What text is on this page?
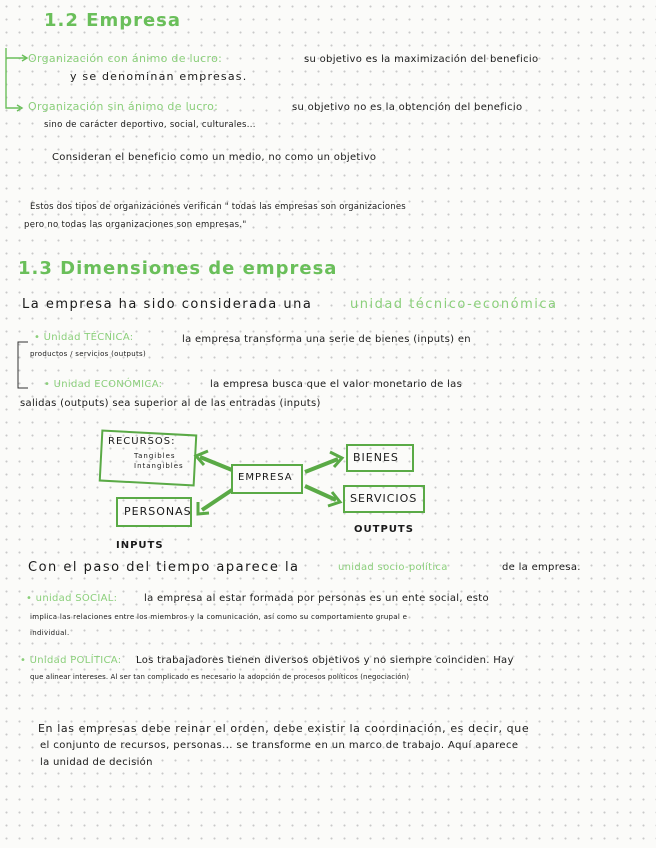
1.2 Empresa
Organización con ánimo de lucro:	su objetivo es la maximización del beneficio
y se denominan empresas.
Organización sin ánimo de lucro:	su objetivo no es la obtención del beneficio
sino de carácter deportivo, social, culturales...
Consideran el beneficio como un medio, no como un objetivo
Estos dos tipos de organizaciones verifican " todas las empresas son organizaciones
pero no todas las organizaciones son empresas."
1.3 Dimensiones de empresa
La empresa ha sido considerada una	unidad técnico-económica
• Unidad TÉCNICA:	la empresa transforma una serie de bienes (inputs) en
productos / servicios (outputs)
• Unidad ECONÓMICA:	la empresa busca que el valor monetario de las
salidas (outputs) sea superior al de las entradas (inputs)
RECURSOS:
Tangibles
Intangibles
PERSONAS
EMPRESA
BIENES
SERVICIOS
INPUTS
OUTPUTS
Con el paso del tiempo aparece la	unidad socio-política	de la empresa.
• unidad SOCIAL:	la empresa al estar formada por personas es un ente social, esto
implica las relaciones entre los miembros y la comunicación, así como su comportamiento grupal e
individual.
• Unidad POLÍTICA: Los trabajadores tienen diversos objetivos y no siempre coinciden. Hay
que alinear intereses. Al ser tan complicado es necesario la adopción de procesos políticos (negociación)
En las empresas debe reinar el orden, debe existir la coordinación, es decir, que
el conjunto de recursos, personas... se transforme en un marco de trabajo. Aquí aparece
la unidad de decisión
